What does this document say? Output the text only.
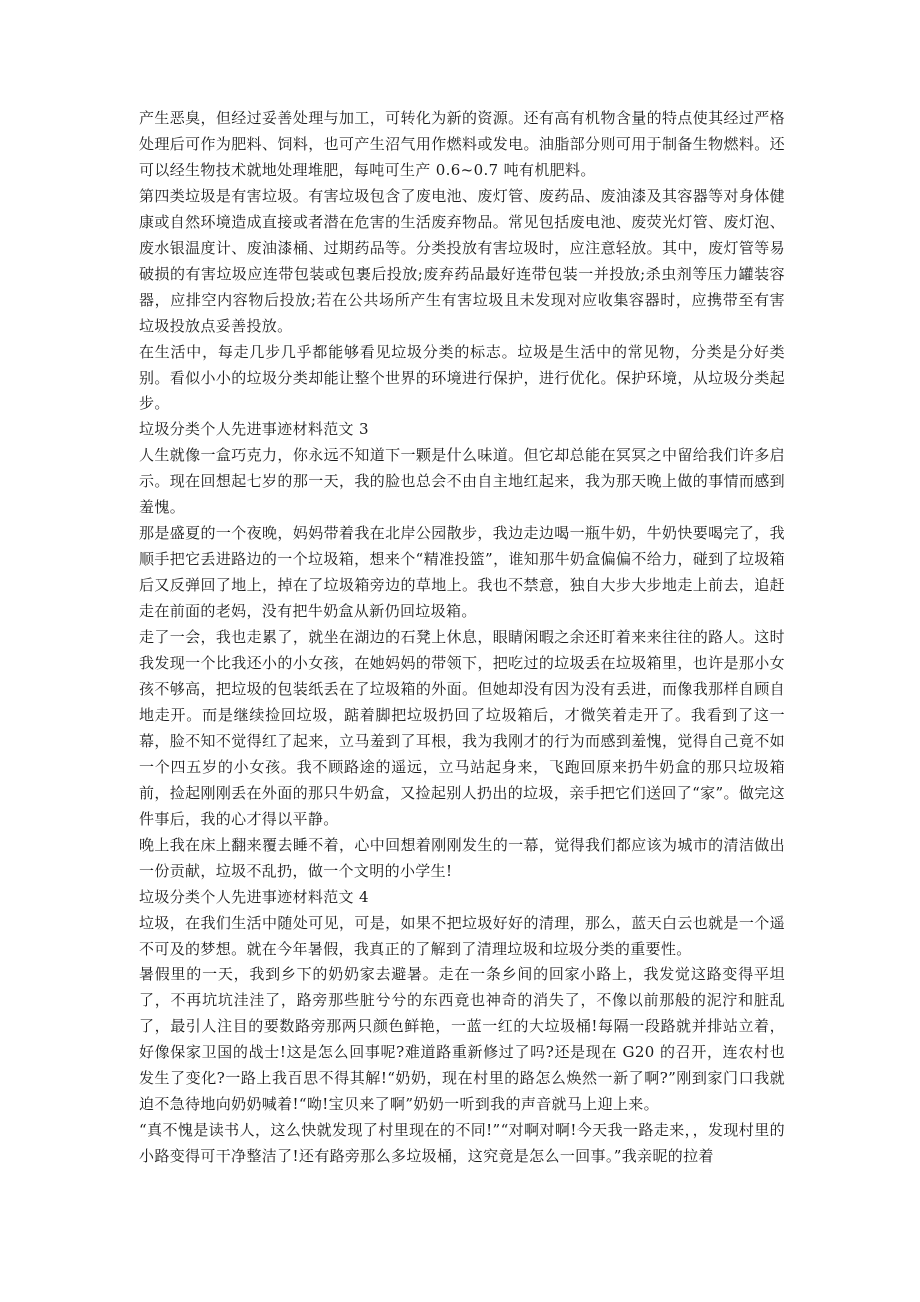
产生恶臭，但经过妥善处理与加工，可转化为新的资源。还有高有机物含量的特点使其经过严格处理后可作为肥料、饲料，也可产生沼气用作燃料或发电。油脂部分则可用于制备生物燃料。还可以经生物技术就地处理堆肥，每吨可生产 0.6~0.7 吨有机肥料。

第四类垃圾是有害垃圾。有害垃圾包含了废电池、废灯管、废药品、废油漆及其容器等对身体健康或自然环境造成直接或者潜在危害的生活废弃物品。常见包括废电池、废荧光灯管、废灯泡、废水银温度计、废油漆桶、过期药品等。分类投放有害垃圾时，应注意轻放。其中，废灯管等易破损的有害垃圾应连带包装或包裹后投放;废弃药品最好连带包装一并投放;杀虫剂等压力罐装容器，应排空内容物后投放;若在公共场所产生有害垃圾且未发现对应收集容器时，应携带至有害垃圾投放点妥善投放。

在生活中，每走几步几乎都能够看见垃圾分类的标志。垃圾是生活中的常见物，分类是分好类别。看似小小的垃圾分类却能让整个世界的环境进行保护，进行优化。保护环境，从垃圾分类起步。

垃圾分类个人先进事迹材料范文 3

人生就像一盒巧克力，你永远不知道下一颗是什么味道。但它却总能在冥冥之中留给我们许多启示。现在回想起七岁的那一天，我的脸也总会不由自主地红起来，我为那天晚上做的事情而感到羞愧。

那是盛夏的一个夜晚，妈妈带着我在北岸公园散步，我边走边喝一瓶牛奶，牛奶快要喝完了，我顺手把它丢进路边的一个垃圾箱，想来个“精准投篮”，谁知那牛奶盒偏偏不给力，碰到了垃圾箱后又反弹回了地上，掉在了垃圾箱旁边的草地上。我也不禁意，独自大步大步地走上前去，追赶走在前面的老妈，没有把牛奶盒从新仍回垃圾箱。

走了一会，我也走累了，就坐在湖边的石凳上休息，眼睛闲暇之余还盯着来来往往的路人。这时我发现一个比我还小的小女孩，在她妈妈的带领下，把吃过的垃圾丢在垃圾箱里，也许是那小女孩不够高，把垃圾的包装纸丢在了垃圾箱的外面。但她却没有因为没有丢进，而像我那样自顾自地走开。而是继续捡回垃圾，踮着脚把垃圾扔回了垃圾箱后，才微笑着走开了。我看到了这一幕，脸不知不觉得红了起来，立马羞到了耳根，我为我刚才的行为而感到羞愧，觉得自己竟不如一个四五岁的小女孩。我不顾路途的遥远，立马站起身来，飞跑回原来扔牛奶盒的那只垃圾箱前，捡起刚刚丢在外面的那只牛奶盒，又捡起别人扔出的垃圾，亲手把它们送回了“家”。做完这件事后，我的心才得以平静。

晚上我在床上翻来覆去睡不着，心中回想着刚刚发生的一幕，觉得我们都应该为城市的清洁做出一份贡献，垃圾不乱扔，做一个文明的小学生!

垃圾分类个人先进事迹材料范文 4

垃圾，在我们生活中随处可见，可是，如果不把垃圾好好的清理，那么，蓝天白云也就是一个遥不可及的梦想。就在今年暑假，我真正的了解到了清理垃圾和垃圾分类的重要性。

暑假里的一天，我到乡下的奶奶家去避暑。走在一条乡间的回家小路上，我发觉这路变得平坦了，不再坑坑洼洼了，路旁那些脏兮兮的东西竟也神奇的消失了，不像以前那般的泥泞和脏乱了，最引人注目的要数路旁那两只颜色鲜艳，一蓝一红的大垃圾桶!每隔一段路就并排站立着，好像保家卫国的战士!这是怎么回事呢?难道路重新修过了吗?还是现在 G20 的召开，连农村也发生了变化?一路上我百思不得其解!“奶奶，现在村里的路怎么焕然一新了啊?”刚到家门口我就迫不急待地向奶奶喊着!“呦!宝贝来了啊”奶奶一听到我的声音就马上迎上来。

“真不愧是读书人，这么快就发现了村里现在的不同!”“对啊对啊!今天我一路走来，，发现村里的小路变得可干净整洁了!还有路旁那么多垃圾桶，这究竟是怎么一回事。”我亲昵的拉着
